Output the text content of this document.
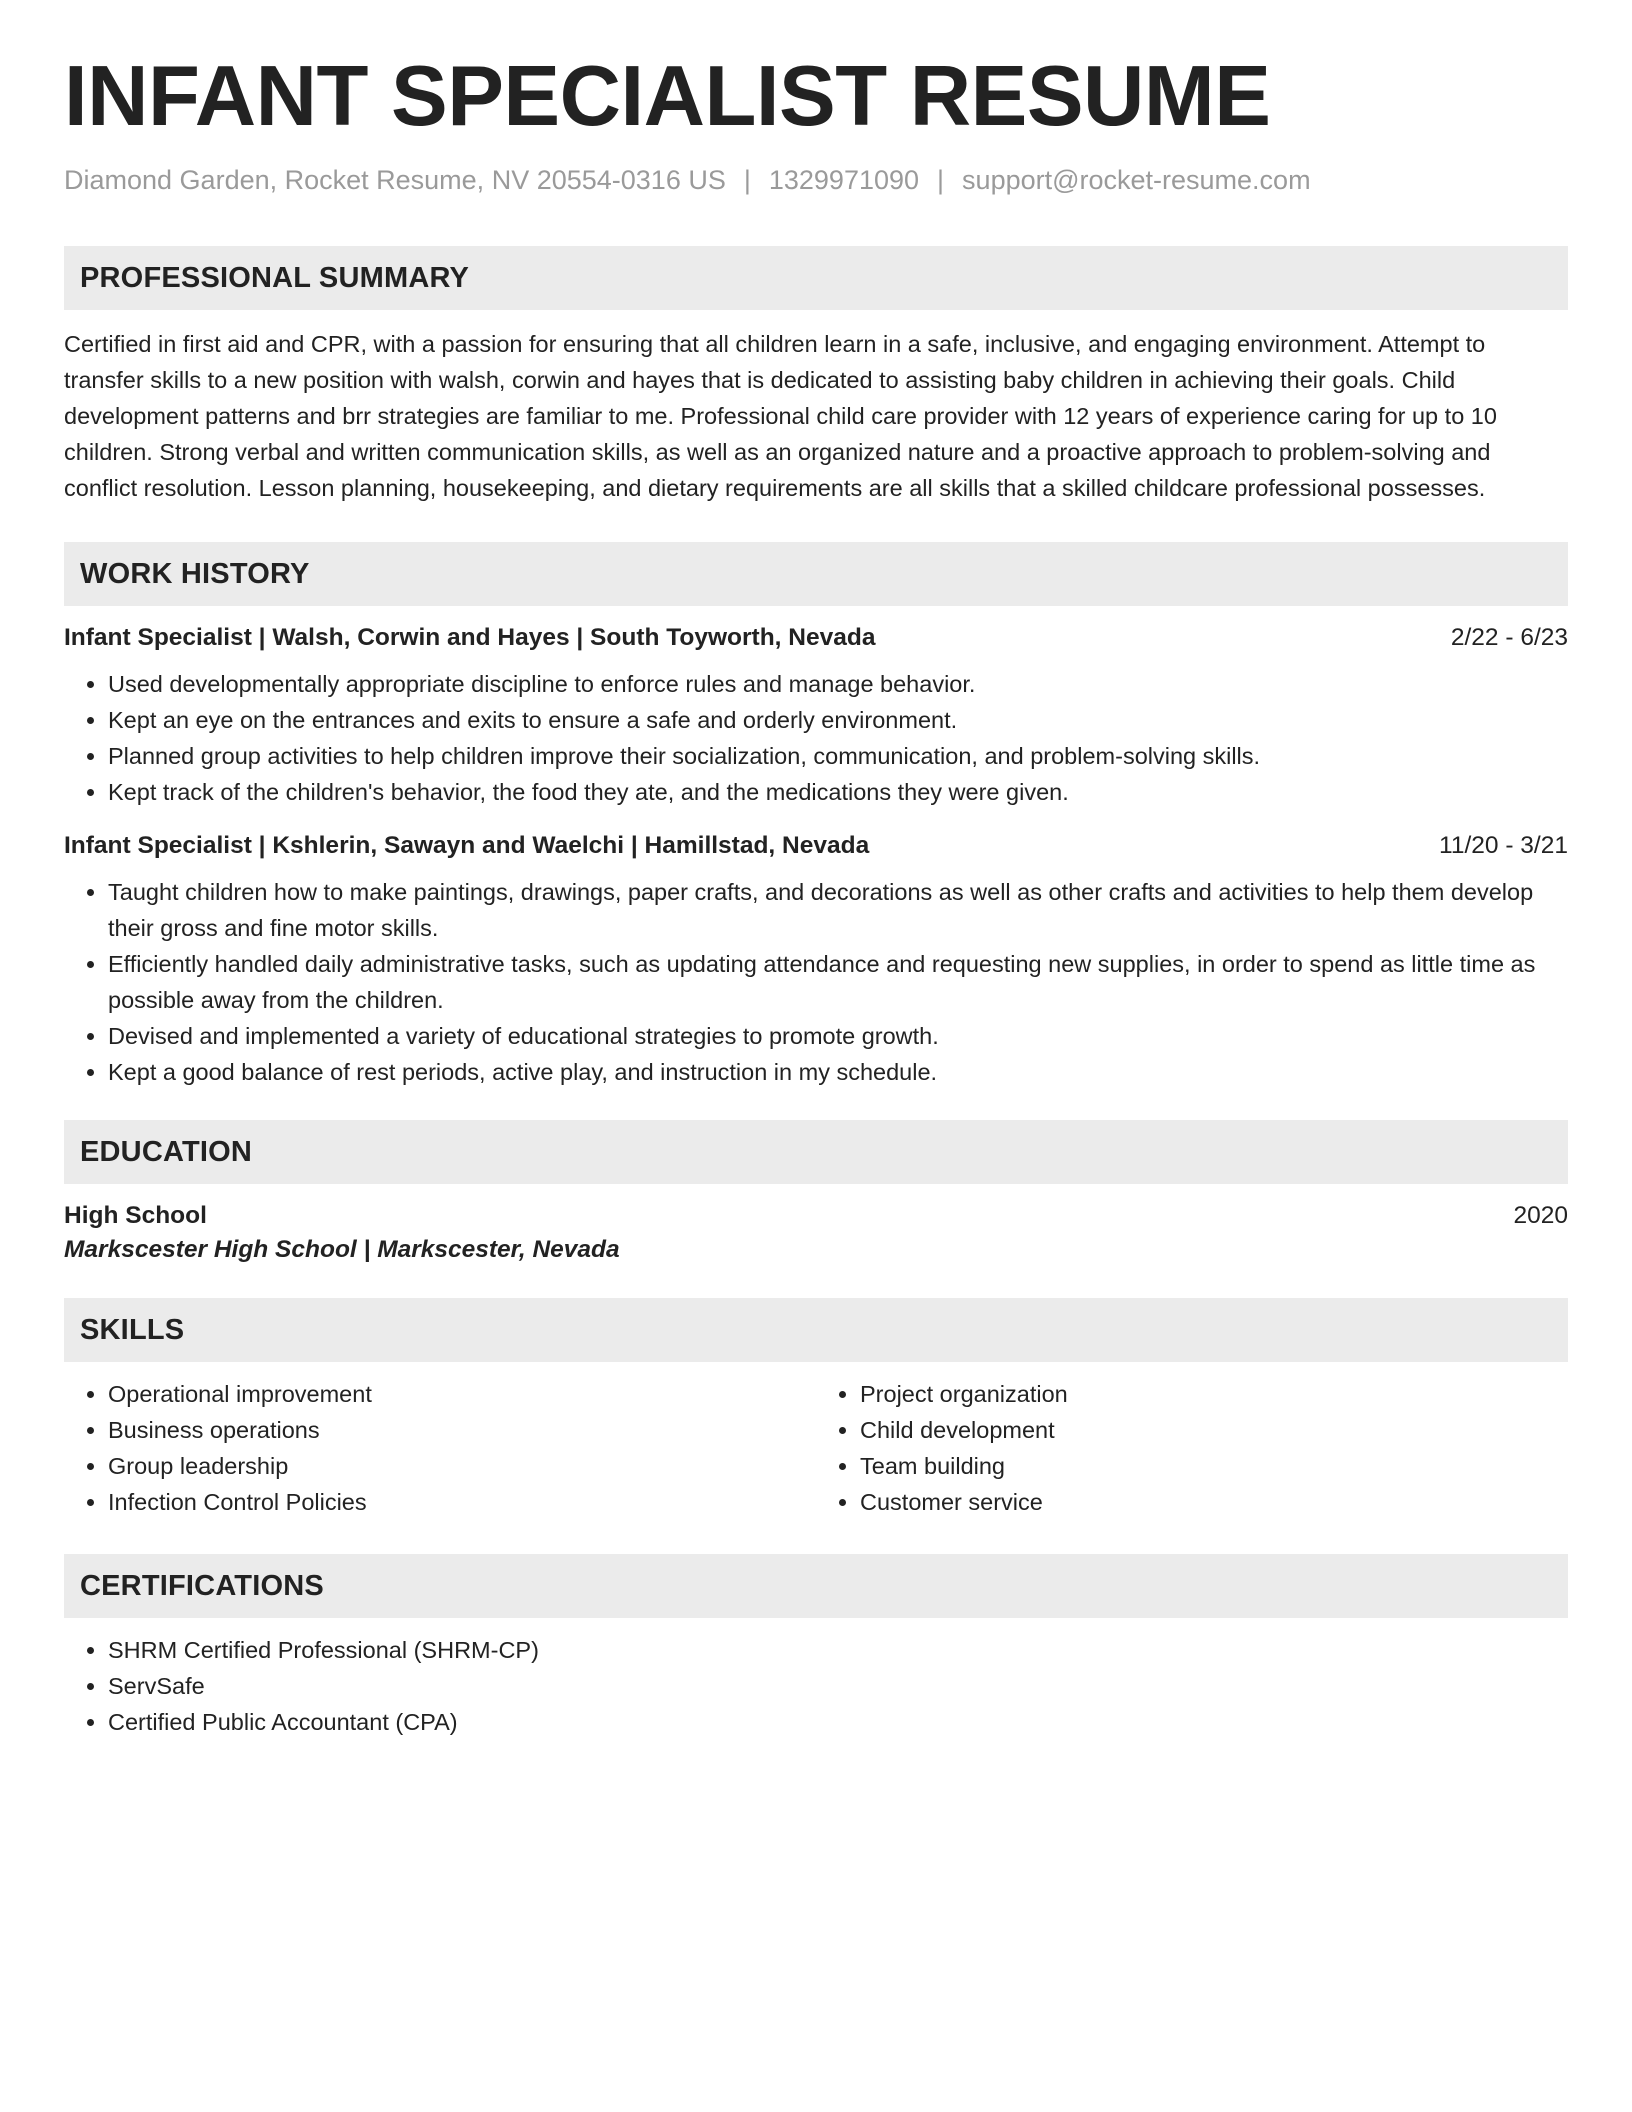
INFANT SPECIALIST RESUME
Diamond Garden, Rocket Resume, NV 20554-0316 US | 1329971090 | support@rocket-resume.com
PROFESSIONAL SUMMARY

Certified in first aid and CPR, with a passion for ensuring that all children learn in a safe, inclusive, and engaging environment. Attempt to transfer skills to a new position with walsh, corwin and hayes that is dedicated to assisting baby children in achieving their goals. Child development patterns and brr strategies are familiar to me. Professional child care provider with 12 years of experience caring for up to 10 children. Strong verbal and written communication skills, as well as an organized nature and a proactive approach to problem-solving and conflict resolution. Lesson planning, housekeeping, and dietary requirements are all skills that a skilled childcare professional possesses.

WORK HISTORY
Infant Specialist | Walsh, Corwin and Hayes | South Toyworth, Nevada	2/22 - 6/23
• Used developmentally appropriate discipline to enforce rules and manage behavior.
• Kept an eye on the entrances and exits to ensure a safe and orderly environment.
• Planned group activities to help children improve their socialization, communication, and problem-solving skills.
• Kept track of the children's behavior, the food they ate, and the medications they were given.
Infant Specialist | Kshlerin, Sawayn and Waelchi | Hamillstad, Nevada	11/20 - 3/21
• Taught children how to make paintings, drawings, paper crafts, and decorations as well as other crafts and activities to help them develop their gross and fine motor skills.
• Efficiently handled daily administrative tasks, such as updating attendance and requesting new supplies, in order to spend as little time as possible away from the children.
• Devised and implemented a variety of educational strategies to promote growth.
• Kept a good balance of rest periods, active play, and instruction in my schedule.
EDUCATION
High School	2020
Markscester High School | Markscester, Nevada
SKILLS
• Operational improvement
• Business operations
• Group leadership
• Infection Control Policies
• Project organization
• Child development
• Team building
• Customer service
CERTIFICATIONS
• SHRM Certified Professional (SHRM-CP)
• ServSafe
• Certified Public Accountant (CPA)
